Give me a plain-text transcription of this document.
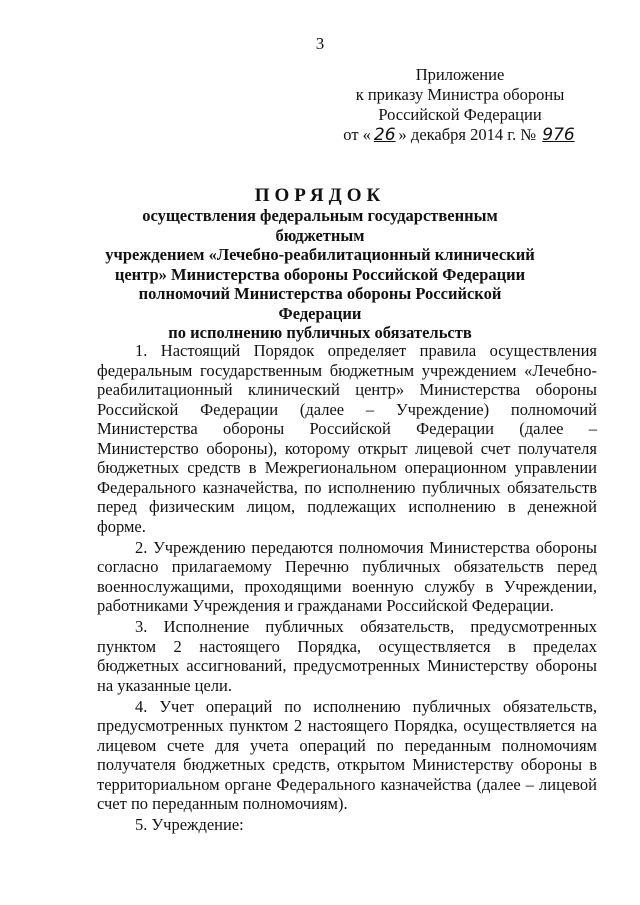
3
Приложение
к приказу Министра обороны
Российской Федерации
от « 26 » декабря 2014 г. № 976
ПОРЯДОК
осуществления федеральным государственным бюджетным
учреждением «Лечебно-реабилитационный клинический
центр» Министерства обороны Российской Федерации
полномочий Министерства обороны Российской Федерации
по исполнению публичных обязательств

1. Настоящий Порядок определяет правила осуществления федеральным государственным бюджетным учреждением «Лечебно-реабилитационный клинический центр» Министерства обороны Российской Федерации (далее – Учреждение) полномочий Министерства обороны Российской Федерации (далее – Министерство обороны), которому открыт лицевой счет получателя бюджетных средств в Межрегиональном операционном управлении Федерального казначейства, по исполнению публичных обязательств перед физическим лицом, подлежащих исполнению в денежной форме.

2. Учреждению передаются полномочия Министерства обороны согласно прилагаемому Перечню публичных обязательств перед военнослужащими, проходящими военную службу в Учреждении, работниками Учреждения и гражданами Российской Федерации.

3. Исполнение публичных обязательств, предусмотренных пунктом 2 настоящего Порядка, осуществляется в пределах бюджетных ассигнований, предусмотренных Министерству обороны на указанные цели.

4. Учет операций по исполнению публичных обязательств, предусмотренных пунктом 2 настоящего Порядка, осуществляется на лицевом счете для учета операций по переданным полномочиям получателя бюджетных средств, открытом Министерству обороны в территориальном органе Федерального казначейства (далее – лицевой счет по переданным полномочиям).

5. Учреждение:
